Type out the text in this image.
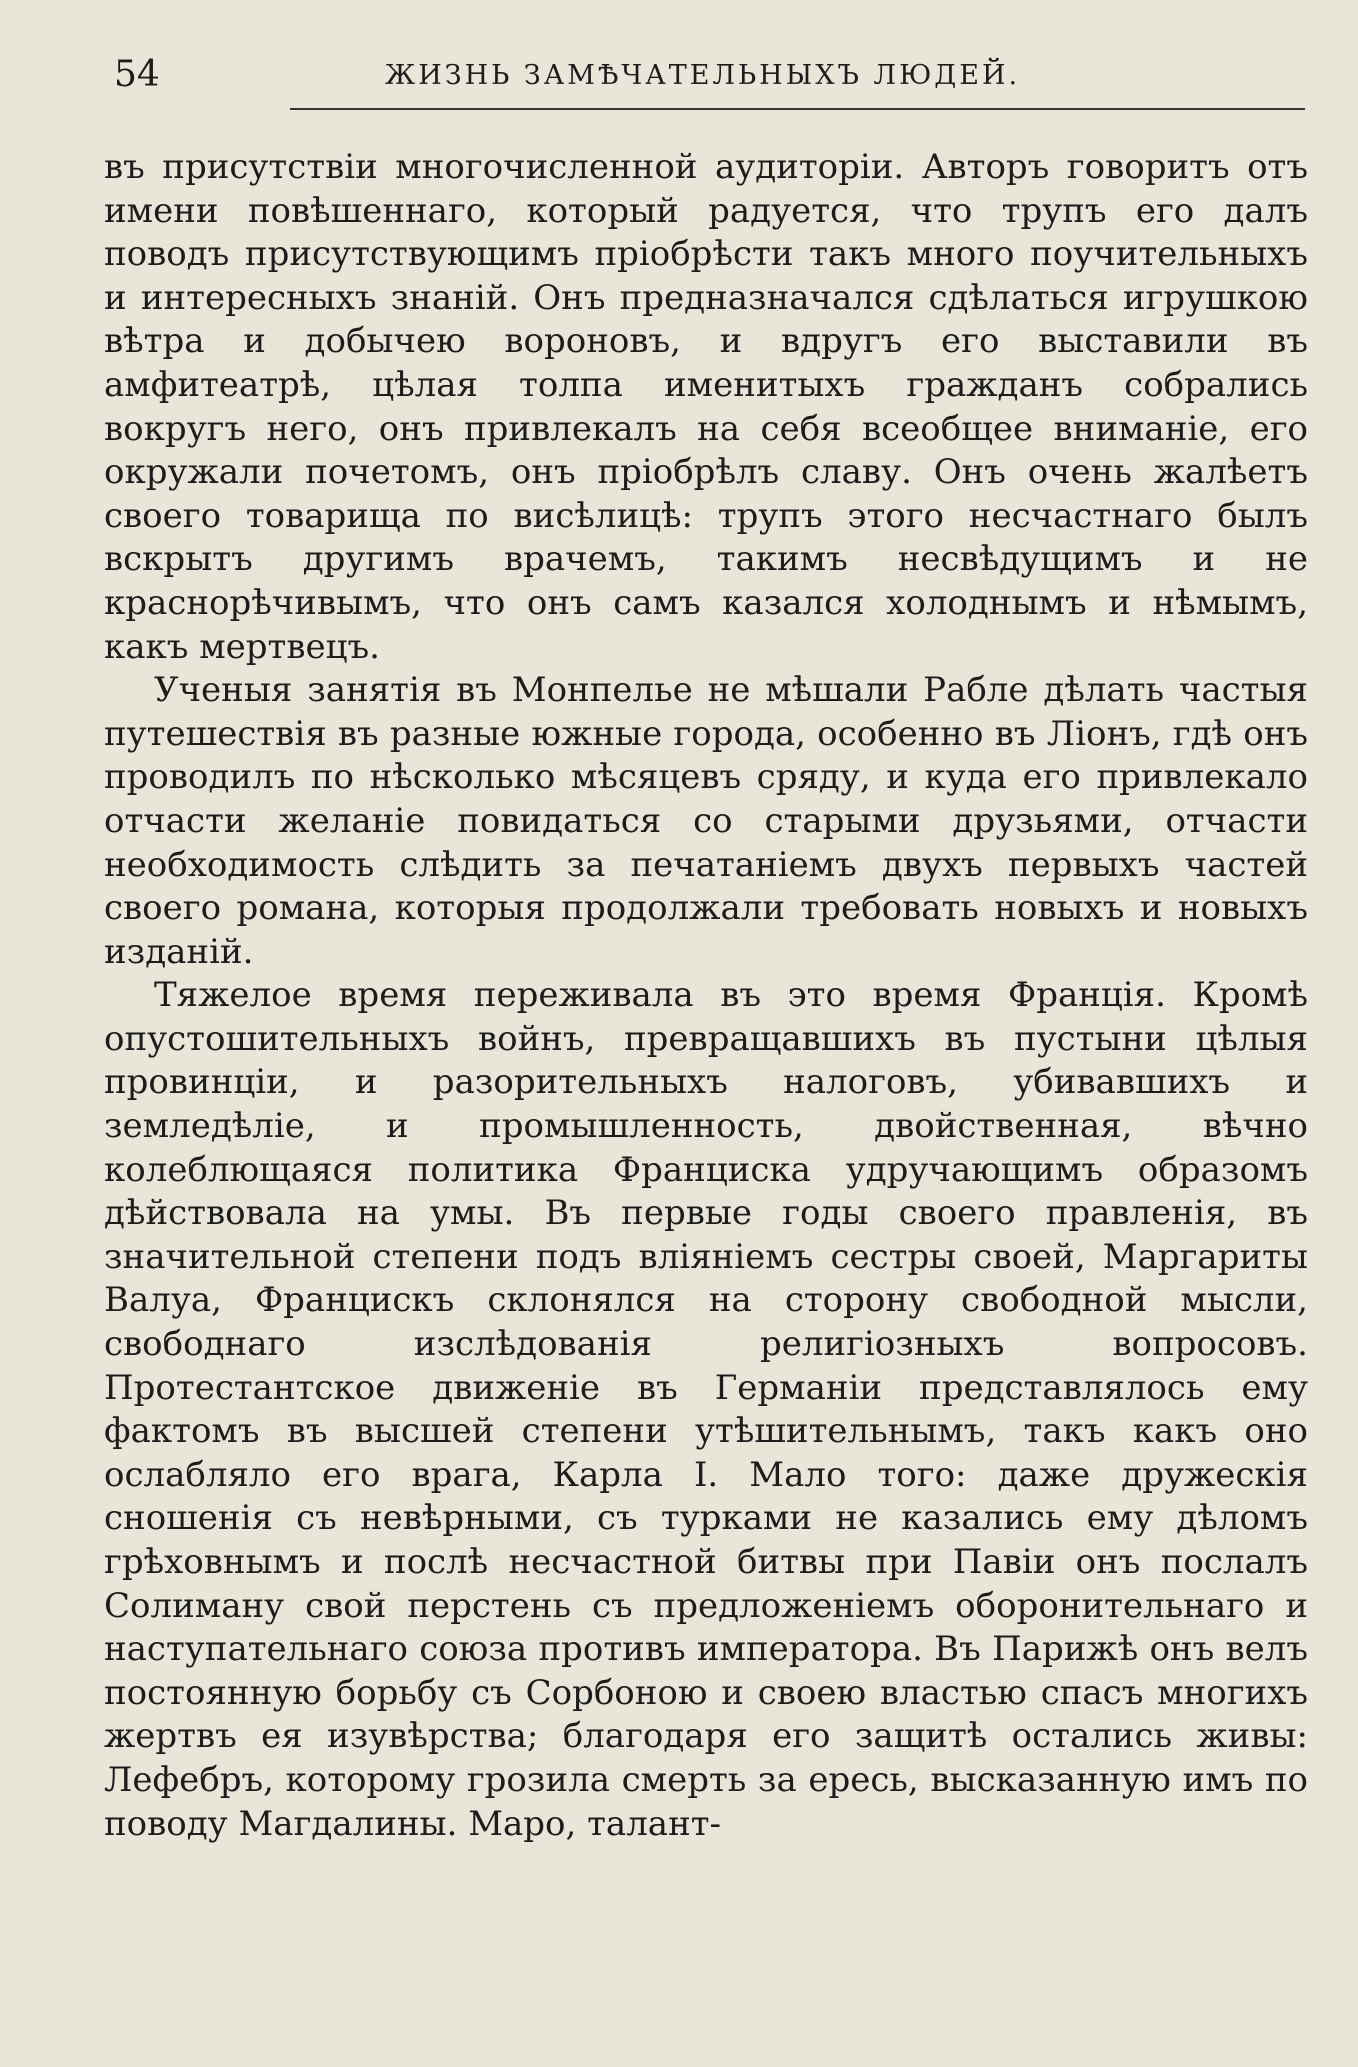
54	ЖИЗНЬ ЗАМѢЧАТЕЛЬНЫХЪ ЛЮДЕЙ.

въ присутствіи многочисленной аудиторіи. Авторъ говоритъ отъ имени повѣшеннаго, который радуется, что трупъ его далъ поводъ присутствующимъ пріобрѣсти такъ много поучительныхъ и интересныхъ знаній. Онъ предназначался сдѣлаться игрушкою вѣтра и добычею вороновъ, и вдругъ его выставили въ амфитеатрѣ, цѣлая толпа именитыхъ гражданъ собрались вокругъ него, онъ привлекалъ на себя всеобщее вниманіе, его окружали почетомъ, онъ пріобрѣлъ славу. Онъ очень жалѣетъ своего товарища по висѣлицѣ: трупъ этого несчастнаго былъ вскрытъ другимъ врачемъ, такимъ несвѣдущимъ и не краснорѣчивымъ, что онъ самъ казался холоднымъ и нѣмымъ, какъ мертвецъ.

Ученыя занятія въ Монпелье не мѣшали Рабле дѣлать частыя путешествія въ разные южные города, особенно въ Ліонъ, гдѣ онъ проводилъ по нѣсколько мѣсяцевъ сряду, и куда его привлекало отчасти желаніе повидаться со старыми друзьями, отчасти необходимость слѣдить за печатаніемъ двухъ первыхъ частей своего романа, которыя продолжали требовать новыхъ и новыхъ изданій.

Тяжелое время переживала въ это время Франція. Кромѣ опустошительныхъ войнъ, превращавшихъ въ пустыни цѣлыя провинціи, и разорительныхъ налоговъ, убивавшихъ и земледѣліе, и промышленность, двойственная, вѣчно колеблющаяся политика Франциска удручающимъ образомъ дѣйствовала на умы. Въ первые годы своего правленія, въ значительной степени подъ вліяніемъ сестры своей, Маргариты Валуа, Францискъ склонялся на сторону свободной мысли, свободнаго изслѣдованія религіозныхъ вопросовъ. Протестантское движеніе въ Германіи представлялось ему фактомъ въ высшей степени утѣшительнымъ, такъ какъ оно ослабляло его врага, Карла I. Мало того: даже дружескія сношенія съ невѣрными, съ турками не казались ему дѣломъ грѣховнымъ и послѣ несчастной битвы при Павіи онъ послалъ Солиману свой перстень съ предложеніемъ оборонительнаго и наступательнаго союза противъ императора. Въ Парижѣ онъ велъ постоянную борьбу съ Сорбоною и своею властью спасъ многихъ жертвъ ея изувѣрства; благодаря его защитѣ остались живы: Лефебръ, которому грозила смерть за ересь, высказанную имъ по поводу Магдалины. Маро, талант-
